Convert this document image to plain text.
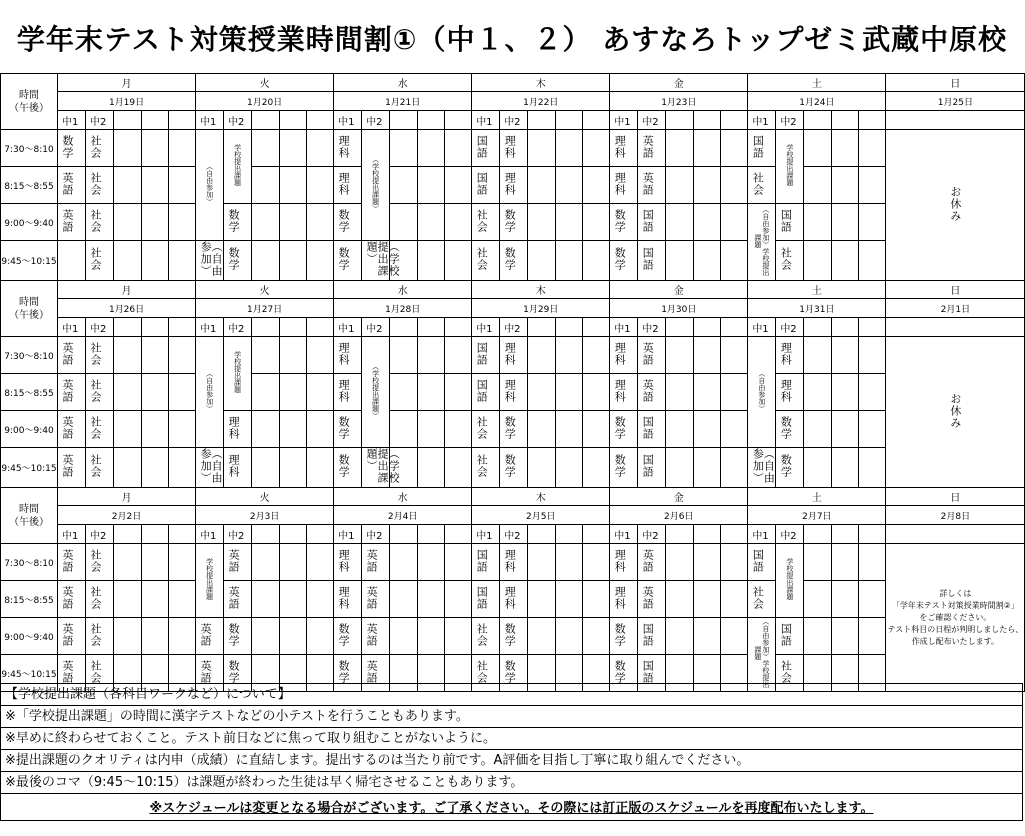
学年末テスト対策授業時間割①（中１、２） あすなろトップゼミ武蔵中原校
時間
（午後）	月					火					水					木					金					土					日
	1月19日					1月20日					1月21日					1月22日					1月23日					1月24日					1月25日
	中1	中2				中1	中2				中1	中2				中1	中2				中1	中2				中1	中2				
7:30〜8:10	数学	社会				（自由参加）	学校提出課題				理科	（学校提出課題）				国語	理科				理科	英語				国語	学校提出課題				お休み
8:15〜8:55	英語	社会									理科					国語	理科				理科	英語				社会					
9:00〜9:40	英語	社会					数学				数学					社会	数学				数学	国語				（自由参加）学校提出課題	国語				
9:45〜10:15		社会				（自由参加）	数学				数学	（学校提出課題）				社会	数学				数学	国語					社会				
時間
（午後）	月					火					水					木					金					土					日
	1月26日					1月27日					1月28日					1月29日					1月30日					1月31日					2月1日
	中1	中2				中1	中2				中1	中2				中1	中2				中1	中2				中1	中2				
7:30〜8:10	英語	社会				（自由参加）	学校提出課題				理科	（学校提出課題）				国語	理科				理科	英語				（自由参加）	理科				お休み
8:15〜8:55	英語	社会									理科					国語	理科				理科	英語					理科				
9:00〜9:40	英語	社会					理科				数学					社会	数学				数学	国語					数学				
9:45〜10:15	英語	社会				（自由参加）	理科				数学	（学校提出課題）				社会	数学				数学	国語				（自由参加）	数学				
時間
（午後）	月					火					水					木					金					土					日
	2月2日					2月3日					2月4日					2月5日					2月6日					2月7日					2月8日
	中1	中2				中1	中2				中1	中2				中1	中2				中1	中2				中1	中2				
7:30〜8:10	英語	社会				学校提出課題	英語				理科	英語				国語	理科				理科	英語				国語	学校提出課題				詳しくは
「学年末テスト対策授業時間割②」
をご確認ください。
テスト科目の日程が判明しましたら、
作成し配布いたします。
8:15〜8:55	英語	社会					英語				理科	英語				国語	理科				理科	英語				社会					
9:00〜9:40	英語	社会				英語	数学				数学	英語				社会	数学				数学	国語				（自由参加）学校提出課題	国語				
9:45〜10:15	英語	社会				英語	数学				数学	英語				社会	数学				数学	国語					社会				
【学校提出課題（各科目ワークなど）について】
※「学校提出課題」の時間に漢字テストなどの小テストを行うこともあります。
※早めに終わらせておくこと。テスト前日などに焦って取り組むことがないように。
※提出課題のクオリティは内申（成績）に直結します。提出するのは当たり前です。A評価を目指し丁寧に取り組んでください。
※最後のコマ（9:45〜10:15）は課題が終わった生徒は早く帰宅させることもあります。
※スケジュールは変更となる場合がございます。ご了承ください。その際には訂正版のスケジュールを再度配布いたします。
